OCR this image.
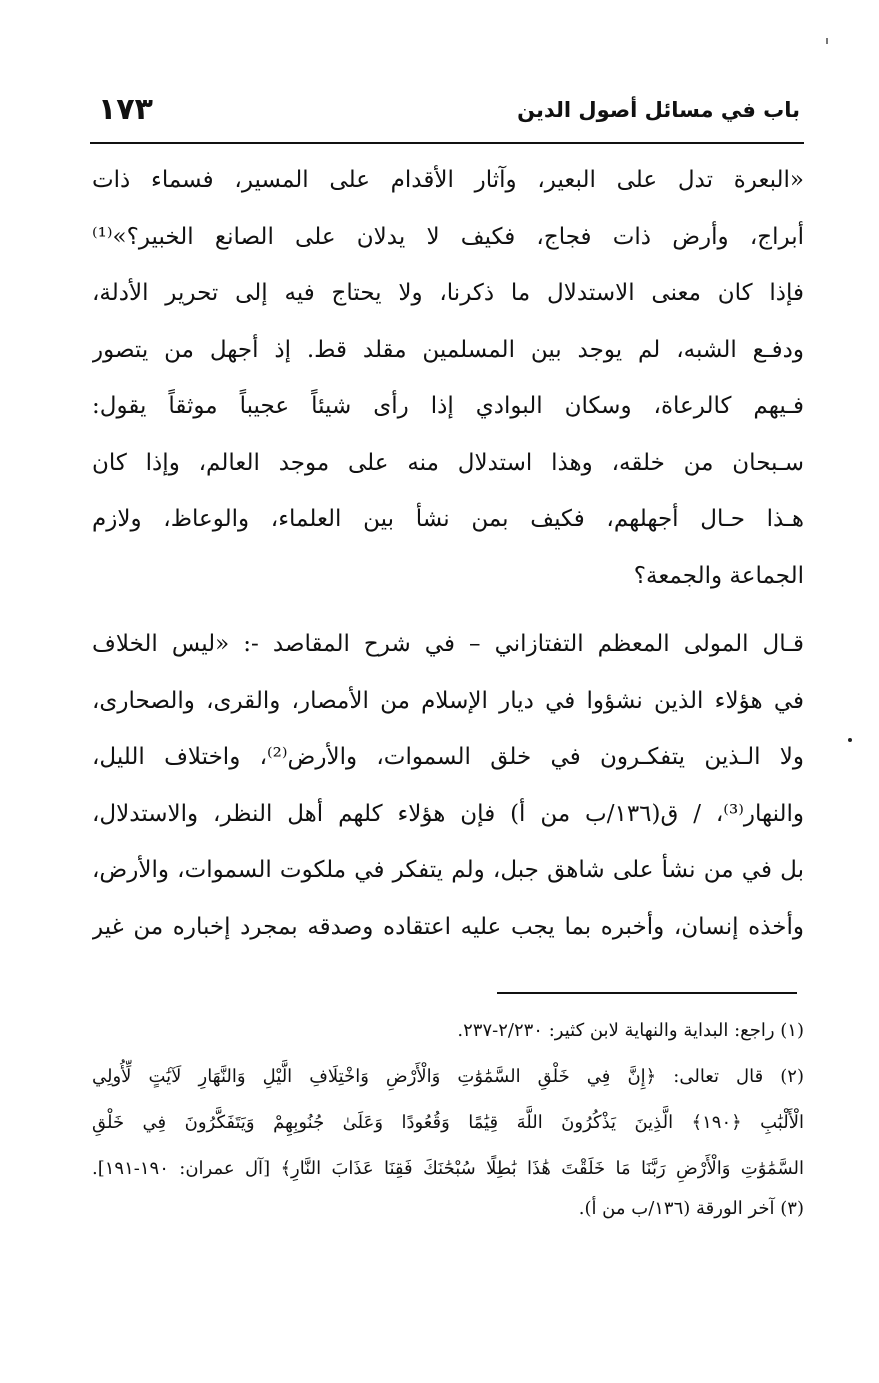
باب في مسائل أصول الدين
١٧٣
«البعرة تدل على البعير، وآثار الأقدام على المسير، فسماء ذات
أبراج، وأرض ذات فجاج، فكيف لا يدلان على الصانع الخبير؟»⁽¹⁾
فإذا كان معنى الاستدلال ما ذكرنا، ولا يحتاج فيه إلى تحرير الأدلة،
ودفـع الشبه، لم يوجد بين المسلمين مقلد قط. إذ أجهل من يتصور
فـيهم كالرعاة، وسكان البوادي إذا رأى شيئاً عجيباً موثقاً يقول:
سـبحان من خلقه، وهذا استدلال منه على موجد العالم، وإذا كان
هـذا حـال أجهلهم، فكيف بمن نشأ بين العلماء، والوعاظ، ولازم
الجماعة والجمعة؟
قـال المولى المعظم التفتازاني – في شرح المقاصد -: «ليس الخلاف
في هؤلاء الذين نشؤوا في ديار الإسلام من الأمصار، والقرى، والصحارى،
ولا الـذين يتفكـرون في خلق السموات، والأرض⁽²⁾، واختلاف الليل،
والنهار⁽³⁾، / ق(١٣٦/ب من أ) فإن هؤلاء كلهم أهل النظر، والاستدلال،
بل في من نشأ على شاهق جبل، ولم يتفكر في ملكوت السموات، والأرض،
وأخذه إنسان، وأخبره بما يجب عليه اعتقاده وصدقه بمجرد إخباره من غير
(١) راجع: البداية والنهاية لابن كثير: ٢/٢٣٠-٢٣٧.
(٢) قال تعالى: ﴿إِنَّ فِي خَلْقِ السَّمَٰوَٰتِ وَالْأَرْضِ وَاخْتِلَافِ الَّيْلِ وَالنَّهَارِ لَآيَٰتٍ لِّأُولِي
الْأَلْبَٰبِ ﴿١٩٠﴾ الَّذِينَ يَذْكُرُونَ اللَّهَ قِيَٰمًا وَقُعُودًا وَعَلَىٰ جُنُوبِهِمْ وَيَتَفَكَّرُونَ فِي خَلْقِ
السَّمَٰوَٰتِ وَالْأَرْضِ رَبَّنَا مَا خَلَقْتَ هَٰذَا بَٰطِلًا سُبْحَٰنَكَ فَقِنَا عَذَابَ النَّارِ﴾ [آل عمران: ١٩٠-١٩١].
(٣) آخر الورقة (١٣٦/ب من أ).
